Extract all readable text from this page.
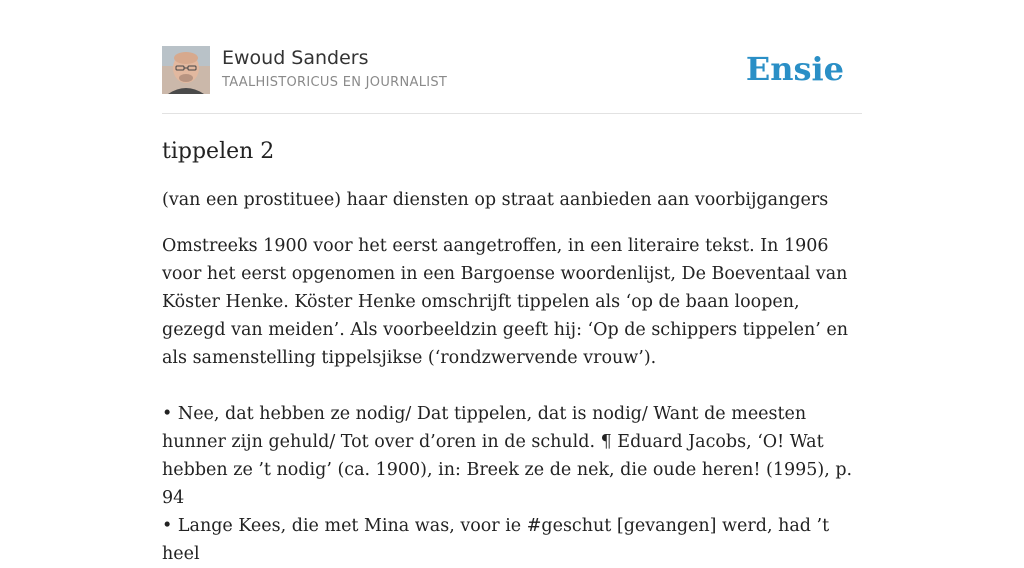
Ewoud Sanders
TAALHISTORICUS EN JOURNALIST	Ensie
tippelen 2

(van een prostituee) haar diensten op straat aanbieden aan voorbijgangers

Omstreeks 1900 voor het eerst aangetroffen, in een literaire tekst. In 1906 voor het eerst opgenomen in een Bargoense woordenlijst, De Boeventaal van Köster Henke. Köster Henke omschrijft tippelen als ‘op de baan loopen, gezegd van meiden’. Als voorbeeldzin geeft hij: ‘Op de schippers tippelen’ en als samenstelling tippelsjikse (‘rondzwervende vrouw’).

• Nee, dat hebben ze nodig/ Dat tippelen, dat is nodig/ Want de meesten hunner zijn gehuld/ Tot over d’oren in de schuld. ¶ Eduard Jacobs, ‘O! Wat hebben ze ’t nodig’ (ca. 1900), in: Breek ze de nek, die oude heren! (1995), p. 94

• Lange Kees, die met Mina was, voor ie #geschut [gevangen] werd, had ’t heel
